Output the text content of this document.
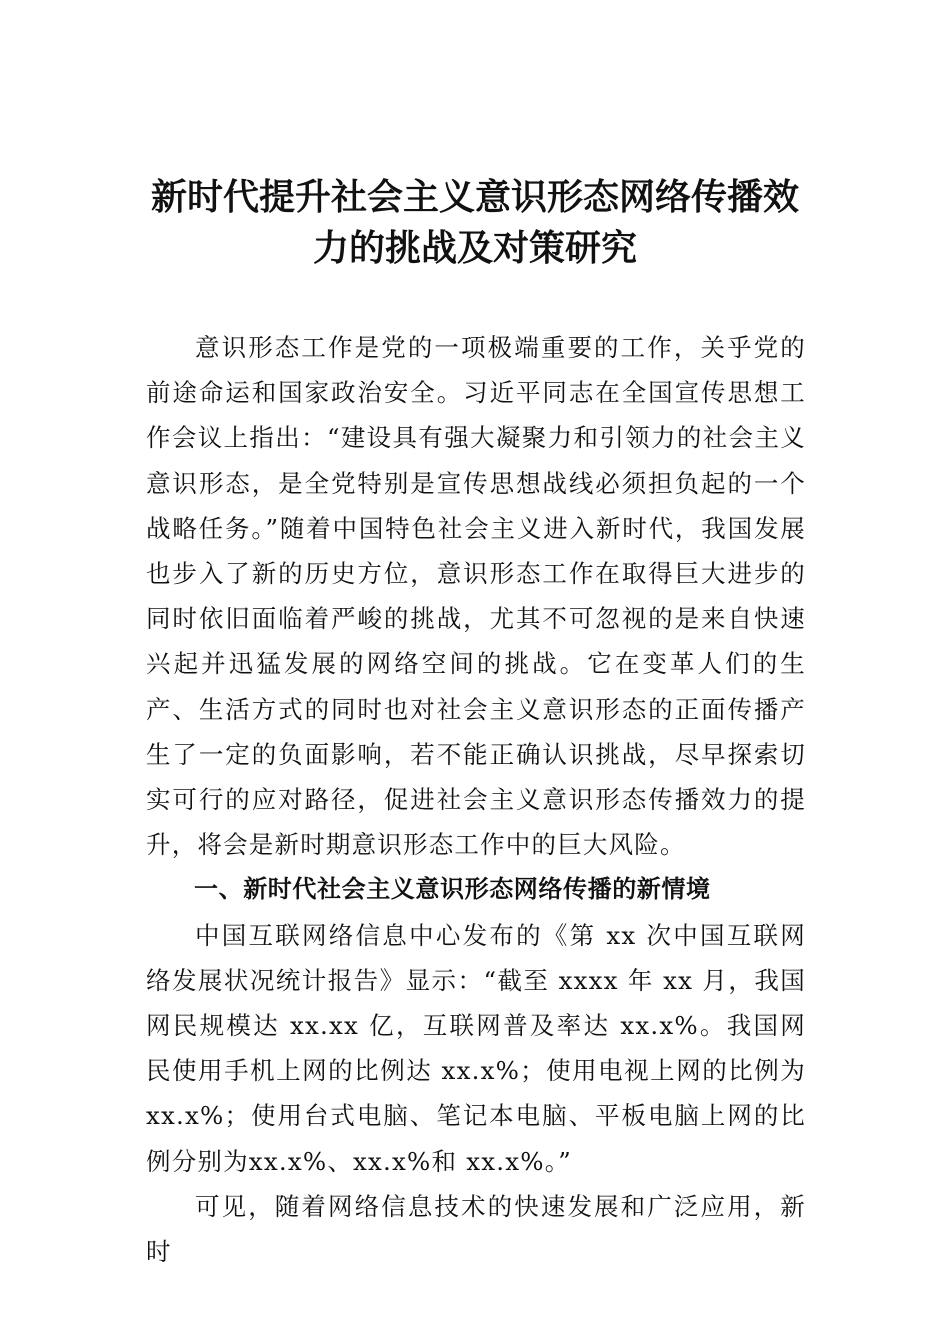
新时代提升社会主义意识形态网络传播效
力的挑战及对策研究

意识形态工作是党的一项极端重要的工作，关乎党的前途命运和国家政治安全。习近平同志在全国宣传思想工作会议上指出：“建设具有强大凝聚力和引领力的社会主义意识形态，是全党特别是宣传思想战线必须担负起的一个战略任务。”随着中国特色社会主义进入新时代，我国发展也步入了新的历史方位，意识形态工作在取得巨大进步的同时依旧面临着严峻的挑战，尤其不可忽视的是来自快速兴起并迅猛发展的网络空间的挑战。它在变革人们的生产、生活方式的同时也对社会主义意识形态的正面传播产生了一定的负面影响，若不能正确认识挑战，尽早探索切实可行的应对路径，促进社会主义意识形态传播效力的提升，将会是新时期意识形态工作中的巨大风险。

一、新时代社会主义意识形态网络传播的新情境

中国互联网络信息中心发布的《第 xx 次中国互联网络发展状况统计报告》显示：“截至 xxxx 年 xx 月，我国网民规模达 xx.xx 亿，互联网普及率达 xx.x%。我国网民使用手机上网的比例达 xx.x%；使用电视上网的比例为 xx.x%；使用台式电脑、笔记本电脑、平板电脑上网的比例分别为xx.x%、xx.x%和 xx.x%。”

可见，随着网络信息技术的快速发展和广泛应用，新时
